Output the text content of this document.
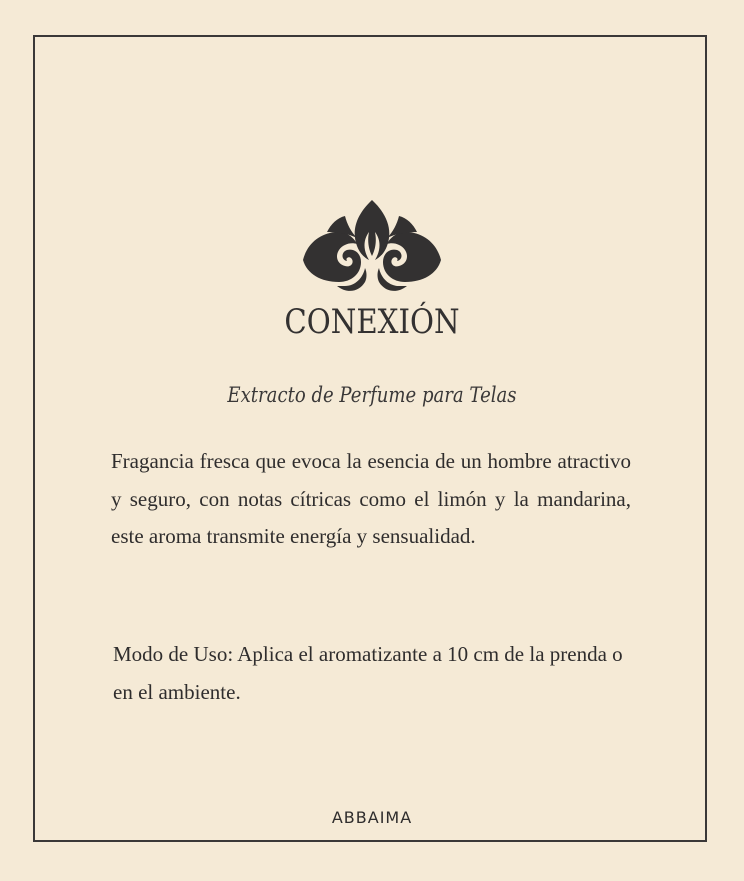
CONEXIÓN
Extracto de Perfume para Telas

Fragancia fresca que evoca la esencia de un hombre atractivo y seguro, con notas cítricas como el limón y la mandarina, este aroma transmite energía y sensualidad.

Modo de Uso: Aplica el aromatizante a 10 cm de la prenda o en el ambiente.

ABBAIMA
